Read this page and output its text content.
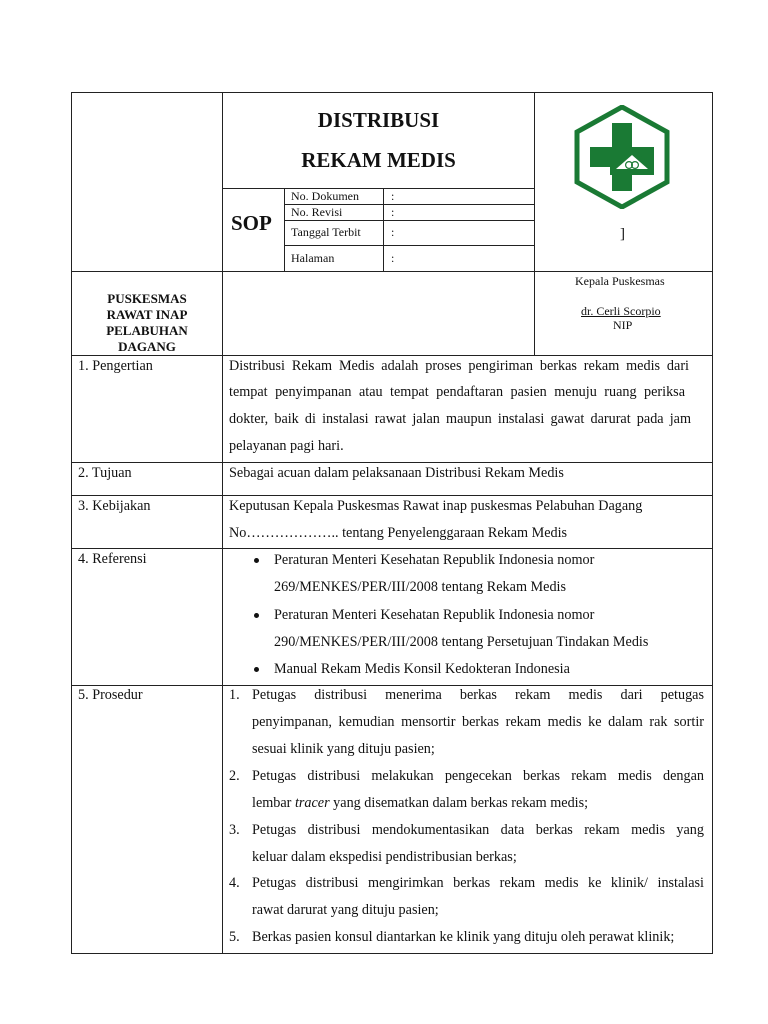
DISTRIBUSI
REKAM MEDIS
SOP
No. Dokumen	:
No. Revisi	:
Tanggal Terbit	:
Halaman	:
]
PUSKESMAS
RAWAT INAP
PELABUHAN
DAGANG
Kepala Puskesmas
dr. Cerli Scorpio
NIP
1. Pengertian	Distribusi Rekam Medis adalah proses pengiriman berkas rekam medis dari
tempat penyimpanan atau tempat pendaftaran pasien menuju ruang periksa
dokter, baik di instalasi rawat jalan maupun instalasi gawat darurat pada jam
pelayanan pagi hari.
2. Tujuan	Sebagai acuan dalam pelaksanaan Distribusi Rekam Medis
3. Kebijakan	Keputusan Kepala Puskesmas Rawat inap puskesmas Pelabuhan Dagang
No……………….. tentang Penyelenggaraan Rekam Medis
4. Referensi	Peraturan Menteri Kesehatan Republik Indonesia nomor
269/MENKES/PER/III/2008 tentang Rekam Medis
Peraturan Menteri Kesehatan Republik Indonesia nomor
290/MENKES/PER/III/2008 tentang Persetujuan Tindakan Medis
Manual Rekam Medis Konsil Kedokteran Indonesia
5. Prosedur	1. Petugas distribusi menerima berkas rekam medis dari petugas
penyimpanan, kemudian mensortir berkas rekam medis ke dalam rak sortir
sesuai klinik yang dituju pasien;
2. Petugas distribusi melakukan pengecekan berkas rekam medis dengan
lembar tracer yang disematkan dalam berkas rekam medis;
3. Petugas distribusi mendokumentasikan data berkas rekam medis yang
keluar dalam ekspedisi pendistribusian berkas;
4. Petugas distribusi mengirimkan berkas rekam medis ke klinik/ instalasi
rawat darurat yang dituju pasien;
5. Berkas pasien konsul diantarkan ke klinik yang dituju oleh perawat klinik;
